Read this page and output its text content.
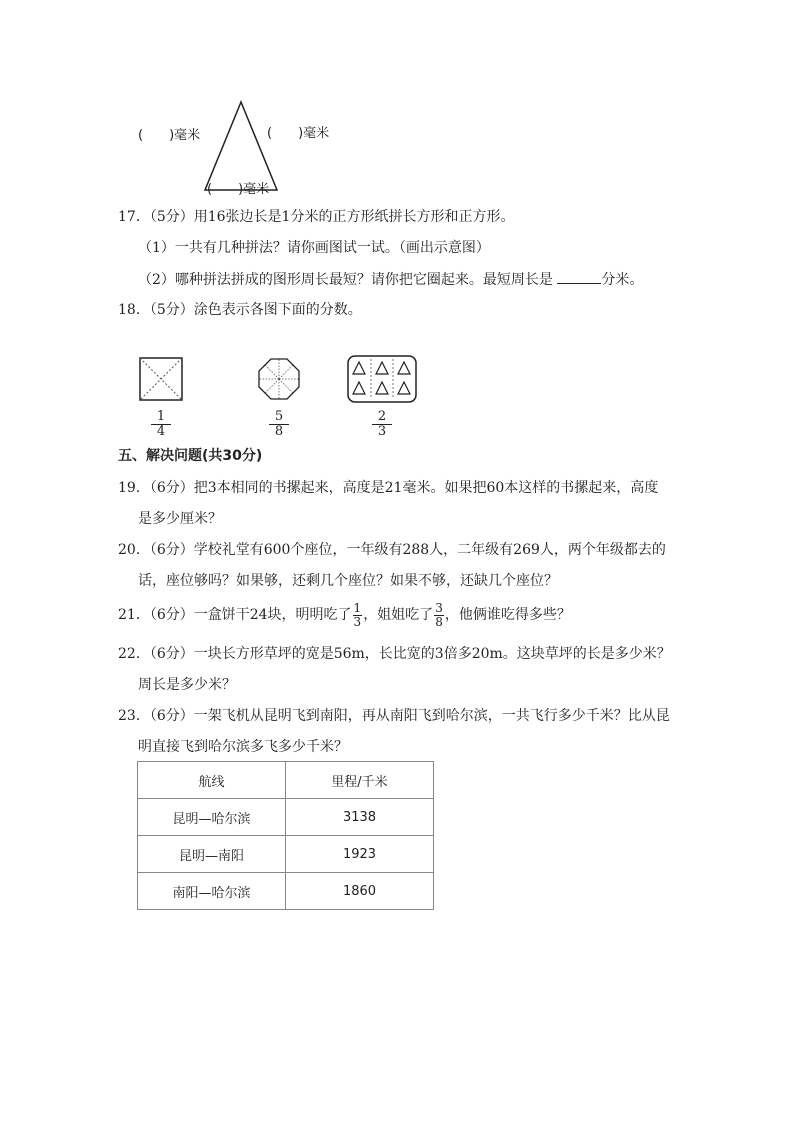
(　　)毫米	(　　)毫米
(　　)毫米
17．（5分）用16张边长是1分米的正方形纸拼长方形和正方形。
（1）一共有几种拼法？请你画图试一试。（画出示意图）
（2）哪种拼法拼成的图形周长最短？请你把它圈起来。最短周长是	分米。
18．（5分）涂色表示各图下面的分数。
$\frac{1}{4}$	$\frac{5}{8}$	$\frac{2}{3}$
五、解决问题(共30分)
19．（6分）把3本相同的书摞起来，高度是21毫米。如果把60本这样的书摞起来，高度
是多少厘米？
20．（6分）学校礼堂有600个座位，一年级有288人，二年级有269人，两个年级都去的
话，座位够吗？如果够，还剩几个座位？如果不够，还缺几个座位？
21．（6分）一盒饼干24块，明明吃了 $\frac{1}{3}$ ，姐姐吃了 $\frac{3}{8}$ ，他俩谁吃得多些？
22．（6分）一块长方形草坪的宽是56m，长比宽的3倍多20m。这块草坪的长是多少米？
周长是多少米？
23．（6分）一架飞机从昆明飞到南阳，再从南阳飞到哈尔滨，一共飞行多少千米？比从昆
明直接飞到哈尔滨多飞多少千米？
航线	里程/千米
昆明—哈尔滨	3138
昆明—南阳	1923
南阳—哈尔滨	1860
